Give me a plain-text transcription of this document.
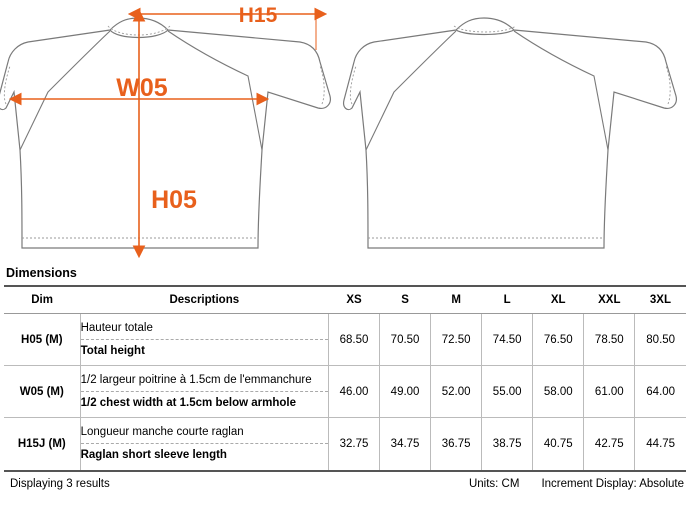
H15
W05
H05
Dimensions
Dim	Descriptions	XS	S	M	L	XL	XXL	3XL
H05 (M)	Hauteur totale
Total height	68.50	70.50	72.50	74.50	76.50	78.50	80.50
W05 (M)	1/2 largeur poitrine à 1.5cm de l'emmanchure
1/2 chest width at 1.5cm below armhole	46.00	49.00	52.00	55.00	58.00	61.00	64.00
H15J (M)	Longueur manche courte raglan
Raglan short sleeve length	32.75	34.75	36.75	38.75	40.75	42.75	44.75
Displaying 3 results	Units: CM Increment Display: Absolute
